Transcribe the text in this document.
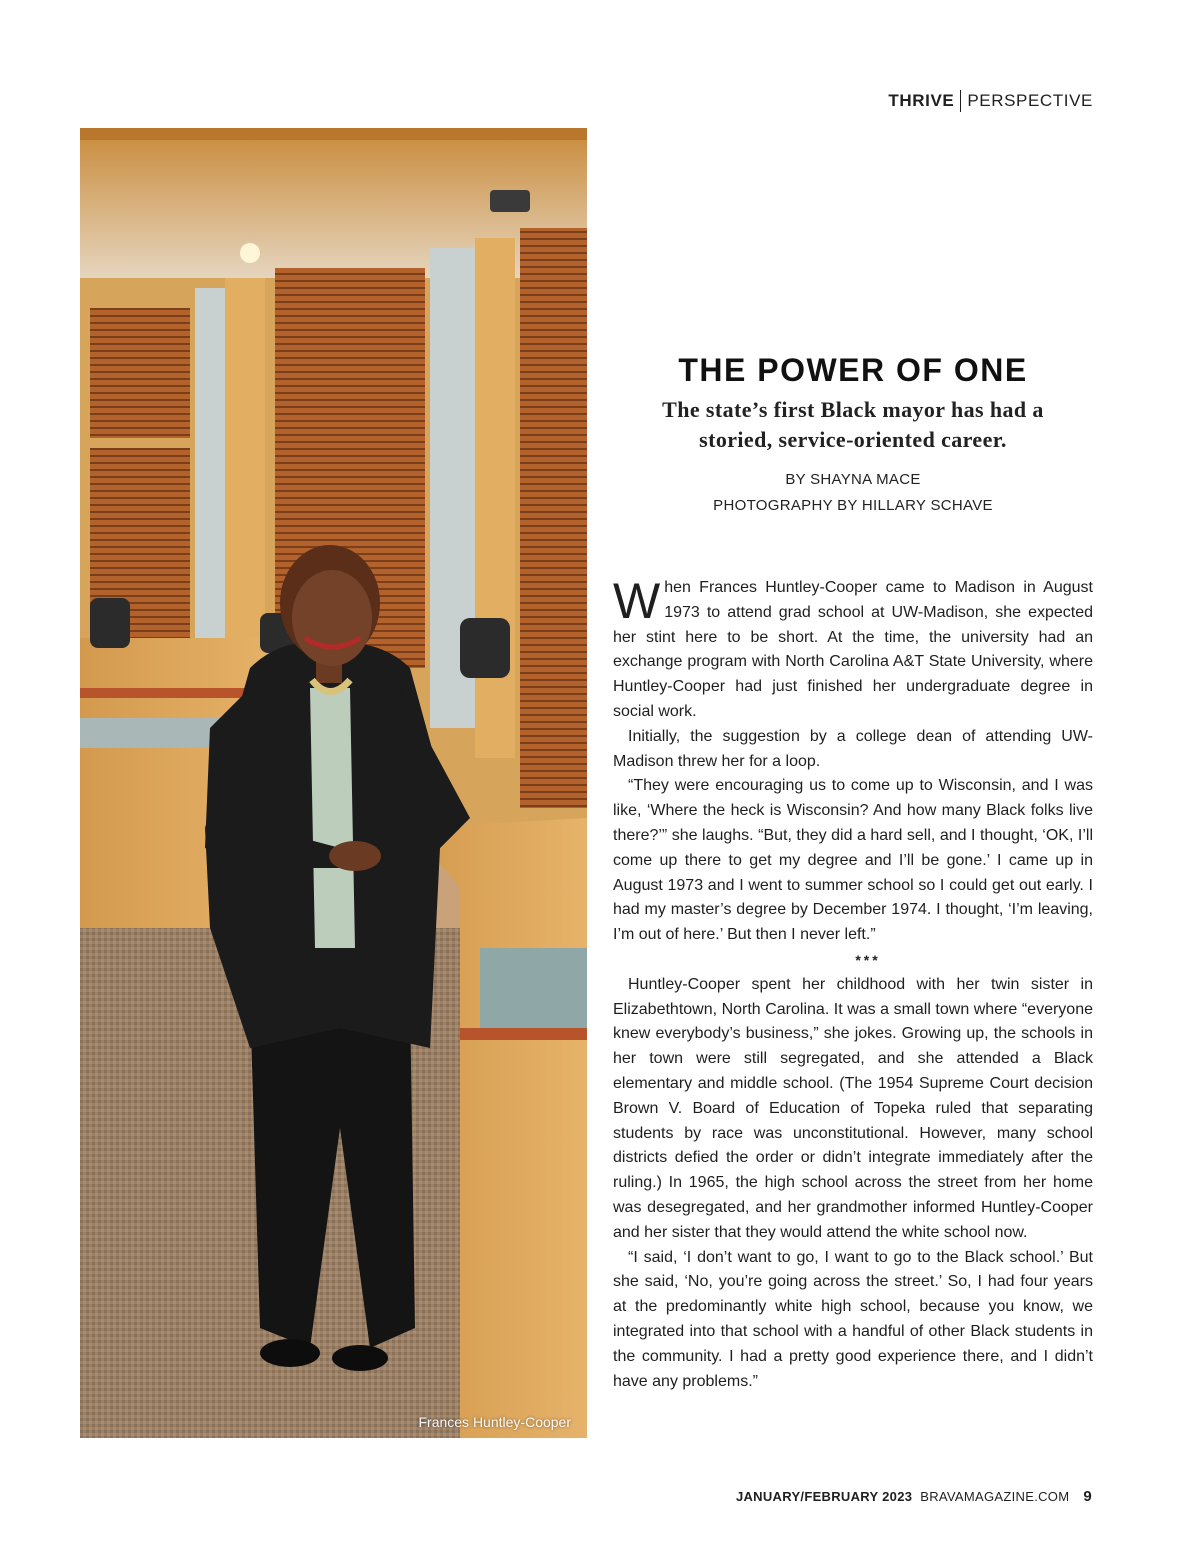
THRIVE PERSPECTIVE
Frances Huntley-Cooper
THE POWER OF ONE
The state’s first Black mayor has had a storied, service-oriented career.
BY SHAYNA MACE
PHOTOGRAPHY BY HILLARY SCHAVE

When Frances Huntley-Cooper came to Madison in August 1973 to attend grad school at UW-Madison, she expected her stint here to be short. At the time, the university had an exchange program with North Carolina A&T State University, where Huntley-Cooper had just finished her undergraduate degree in social work.

Initially, the suggestion by a college dean of attending UW-Madison threw her for a loop.

“They were encouraging us to come up to Wisconsin, and I was like, ‘Where the heck is Wisconsin? And how many Black folks live there?’” she laughs. “But, they did a hard sell, and I thought, ‘OK, I’ll come up there to get my degree and I’ll be gone.’ I came up in August 1973 and I went to summer school so I could get out early. I had my master’s degree by December 1974. I thought, ‘I’m leaving, I’m out of here.’ But then I never left.”

***

Huntley-Cooper spent her childhood with her twin sister in Elizabethtown, North Carolina. It was a small town where “everyone knew everybody’s business,” she jokes. Growing up, the schools in her town were still segregated, and she attended a Black elementary and middle school. (The 1954 Supreme Court decision Brown V. Board of Education of Topeka ruled that separating students by race was unconstitutional. However, many school districts defied the order or didn’t integrate immediately after the ruling.) In 1965, the high school across the street from her home was desegregated, and her grandmother informed Huntley-Cooper and her sister that they would attend the white school now.

“I said, ‘I don’t want to go, I want to go to the Black school.’ But she said, ‘No, you’re going across the street.’ So, I had four years at the predominantly white high school, because you know, we integrated into that school with a handful of other Black students in the community. I had a pretty good experience there, and I didn’t have any problems.”

JANUARY/FEBRUARY 2023 BRAVAMAGAZINE.COM 9
